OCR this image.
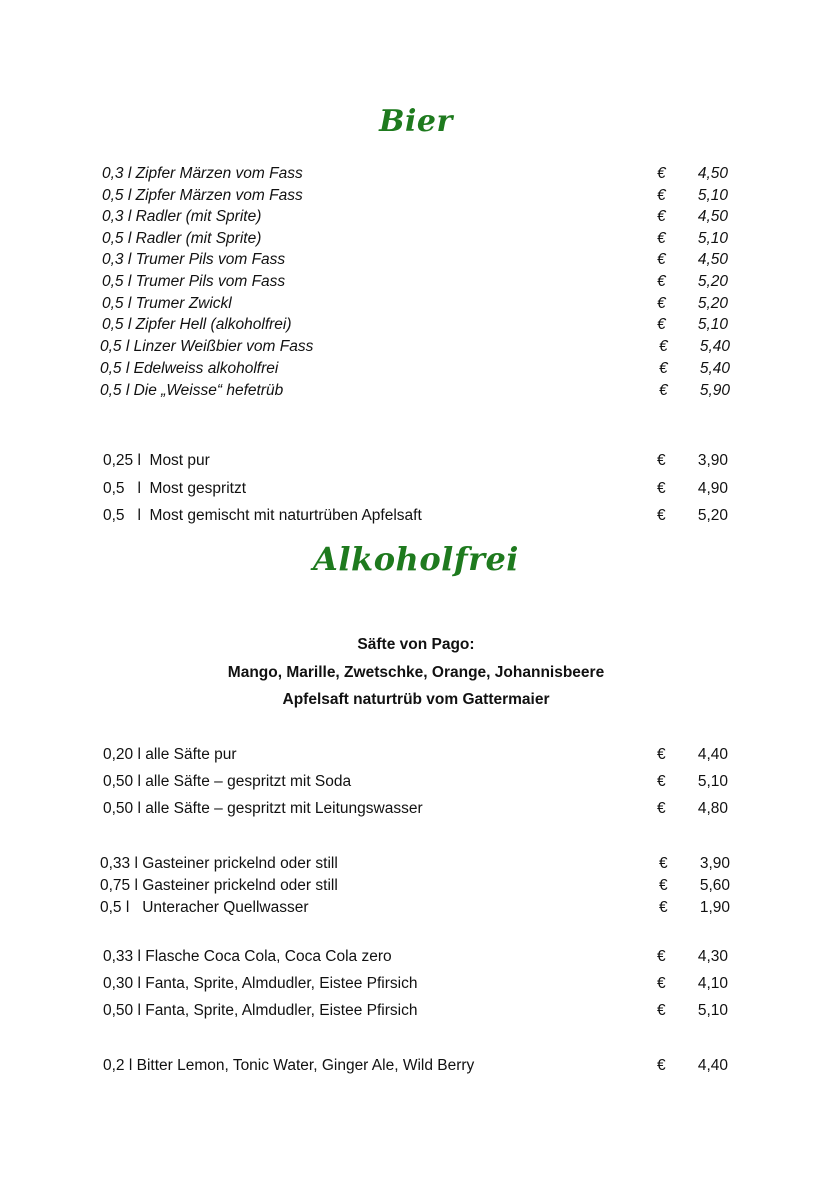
Bier
0,3 l Zipfer Märzen vom Fass	€	4,50
0,5 l Zipfer Märzen vom Fass	€	5,10
0,3 l Radler (mit Sprite)	€	4,50
0,5 l Radler (mit Sprite)	€	5,10
0,3 l Trumer Pils vom Fass	€	4,50
0,5 l Trumer Pils vom Fass	€	5,20
0,5 l Trumer Zwickl	€	5,20
0,5 l Zipfer Hell (alkoholfrei)	€	5,10
0,5 l Linzer Weißbier vom Fass	€	5,40
0,5 l Edelweiss alkoholfrei	€	5,40
0,5 l Die „Weisse“ hefetrüb	€	5,90
0,25 l  Most pur	€	3,90
0,5   l  Most gespritzt	€	4,90
0,5   l  Most gemischt mit naturtrüben Apfelsaft	€	5,20
Alkoholfrei
Säfte von Pago:
Mango, Marille, Zwetschke, Orange, Johannisbeere
Apfelsaft naturtrüb vom Gattermaier
0,20 l alle Säfte pur	€	4,40
0,50 l alle Säfte – gespritzt mit Soda	€	5,10
0,50 l alle Säfte – gespritzt mit Leitungswasser	€	4,80
0,33 l Gasteiner prickelnd oder still	€	3,90
0,75 l Gasteiner prickelnd oder still	€	5,60
0,5 l   Unteracher Quellwasser	€	1,90
0,33 l Flasche Coca Cola, Coca Cola zero	€	4,30
0,30 l Fanta, Sprite, Almdudler, Eistee Pfirsich	€	4,10
0,50 l Fanta, Sprite, Almdudler, Eistee Pfirsich	€	5,10
0,2 l Bitter Lemon, Tonic Water, Ginger Ale, Wild Berry	€	4,40
